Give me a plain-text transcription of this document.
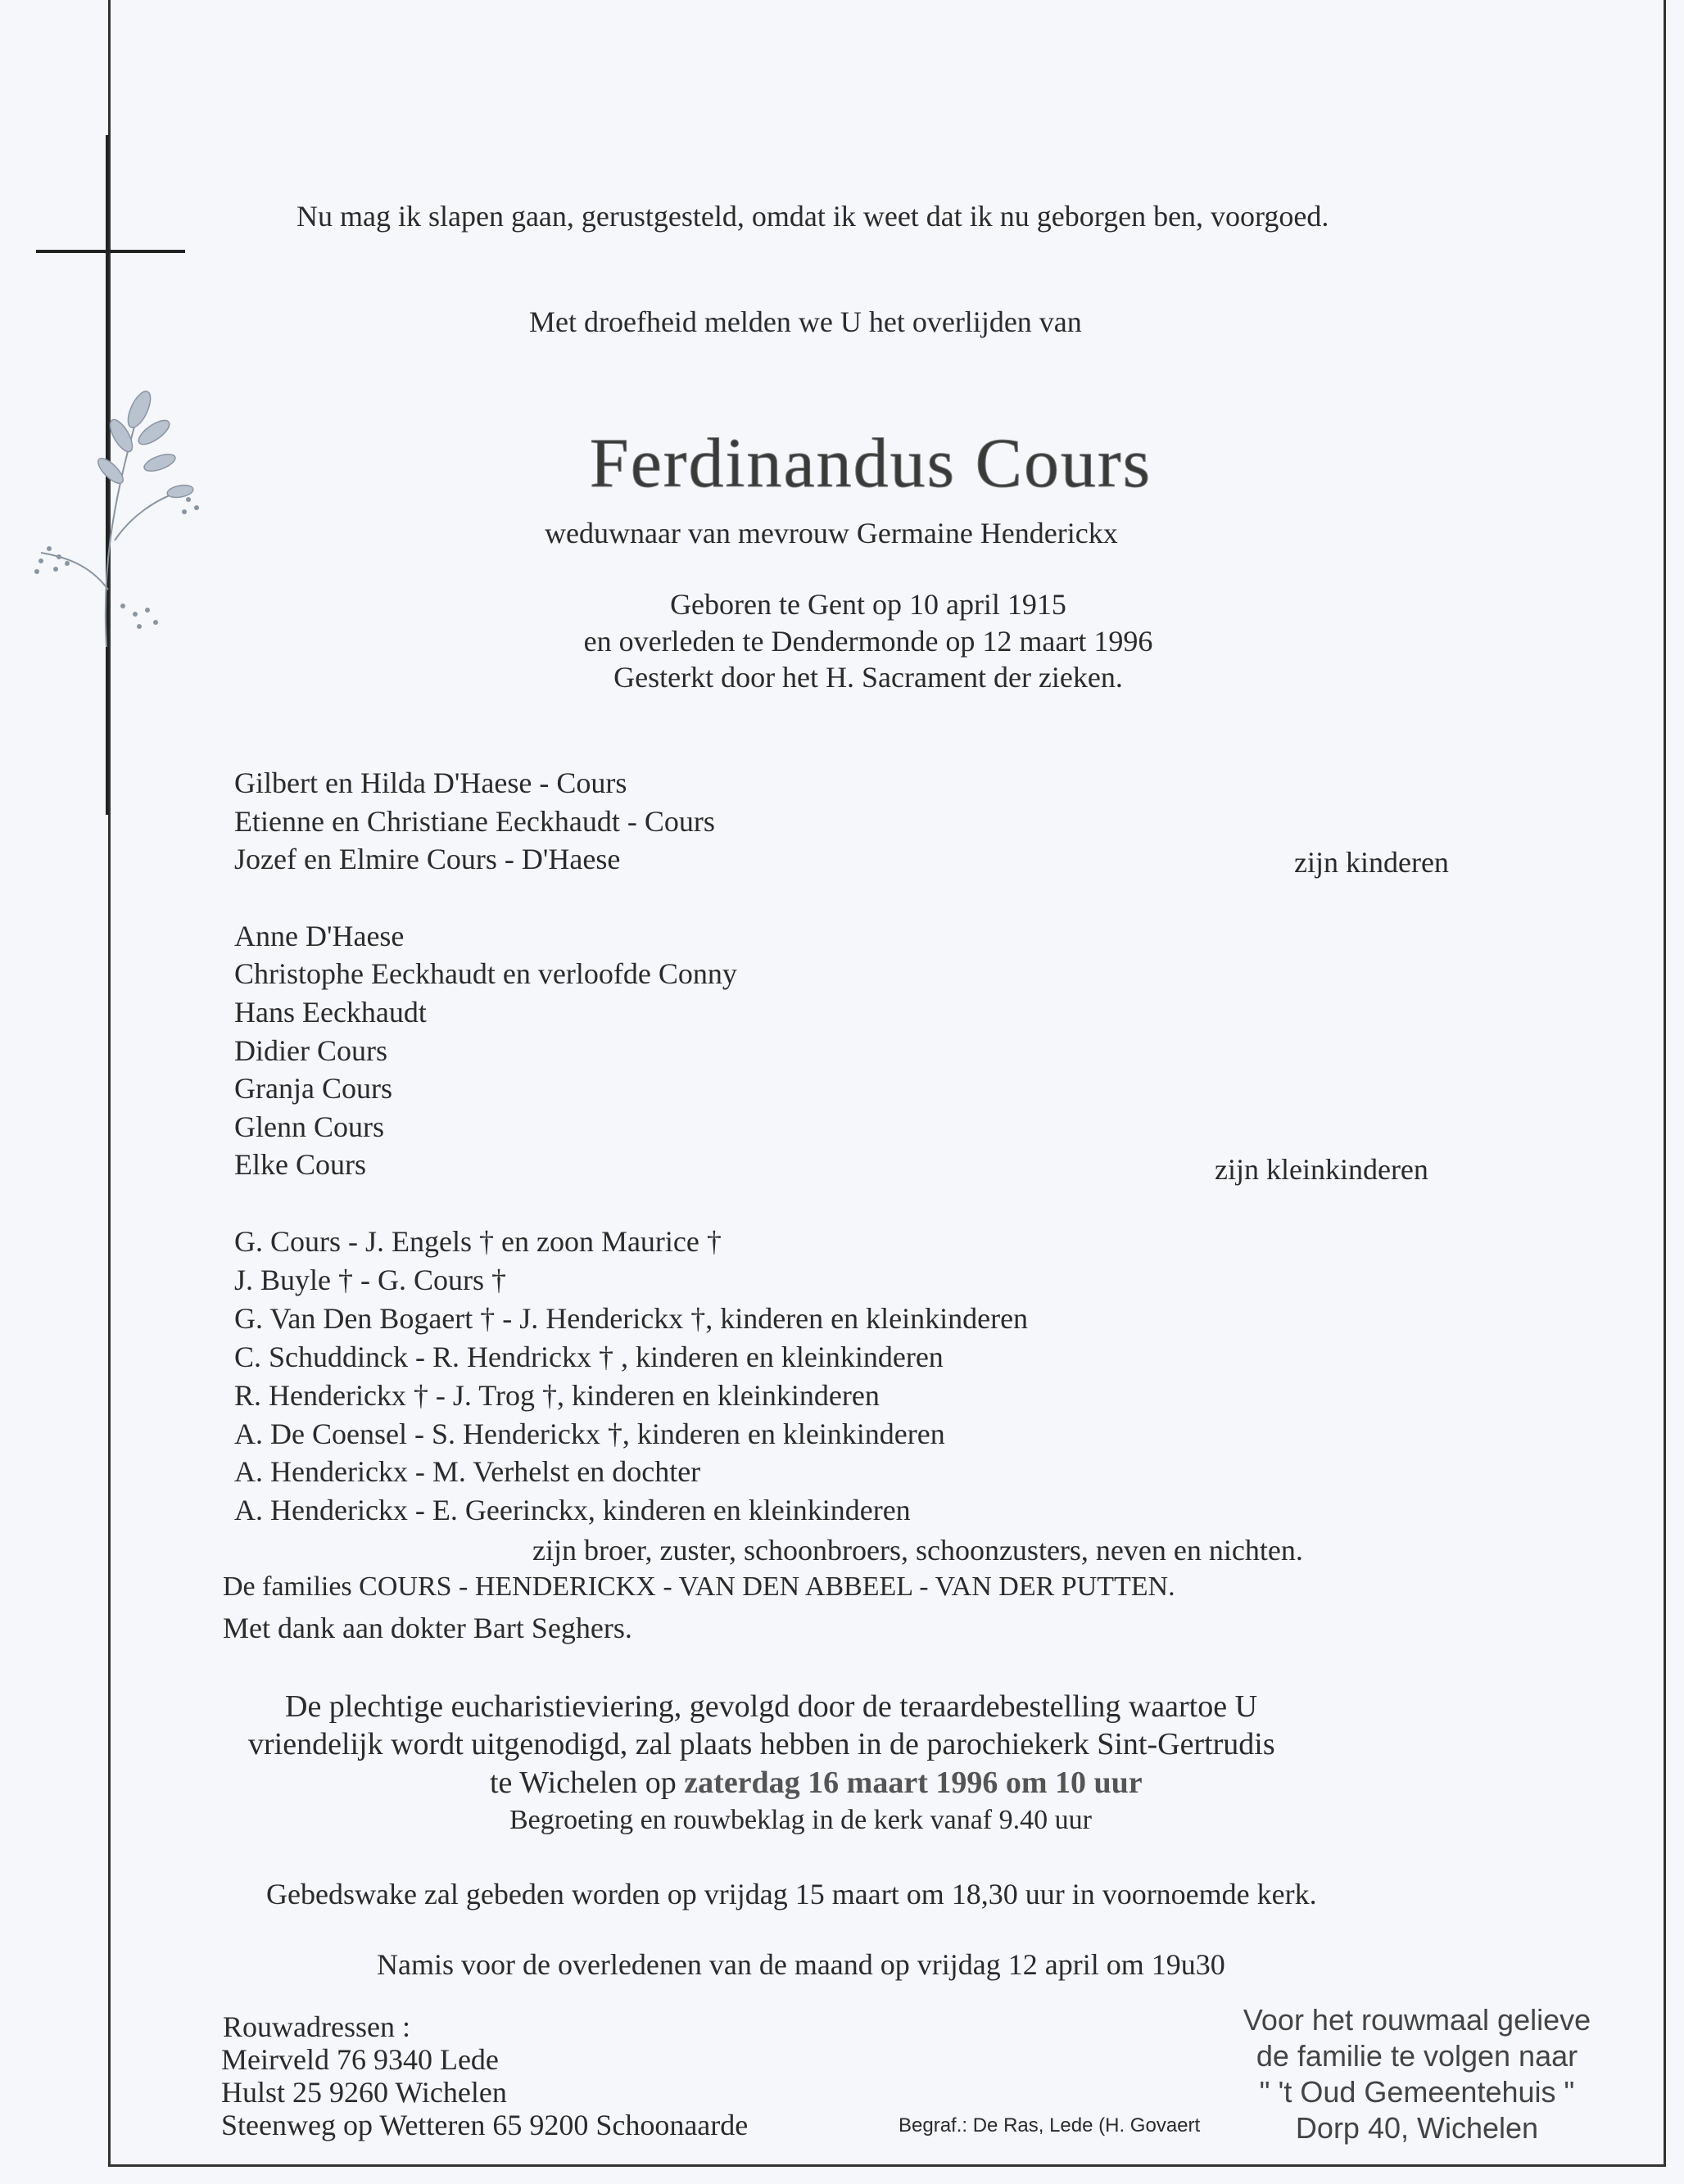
Nu mag ik slapen gaan, gerustgesteld, omdat ik weet dat ik nu geborgen ben, voorgoed.
Met droefheid melden we U het overlijden van
Ferdinandus Cours
weduwnaar van mevrouw Germaine Henderickx
Geboren te Gent op 10 april 1915
en overleden te Dendermonde op 12 maart 1996
Gesterkt door het H. Sacrament der zieken.
Gilbert en Hilda D'Haese - Cours
Etienne en Christiane Eeckhaudt - Cours
Jozef en Elmire Cours - D'Haese	zijn kinderen
Anne D'Haese
Christophe Eeckhaudt en verloofde Conny
Hans Eeckhaudt
Didier Cours
Granja Cours
Glenn Cours
Elke Cours	zijn kleinkinderen
G. Cours - J. Engels † en zoon Maurice †
J. Buyle † - G. Cours †
G. Van Den Bogaert † - J. Henderickx †, kinderen en kleinkinderen
C. Schuddinck - R. Hendrickx † , kinderen en kleinkinderen
R. Henderickx † - J. Trog †, kinderen en kleinkinderen
A. De Coensel - S. Henderickx †, kinderen en kleinkinderen
A. Henderickx - M. Verhelst en dochter
A. Henderickx - E. Geerinckx, kinderen en kleinkinderen
zijn broer, zuster, schoonbroers, schoonzusters, neven en nichten.
De families COURS - HENDERICKX - VAN DEN ABBEEL - VAN DER PUTTEN.
Met dank aan dokter Bart Seghers.
De plechtige eucharistieviering, gevolgd door de teraardebestelling waartoe U
vriendelijk wordt uitgenodigd, zal plaats hebben in de parochiekerk Sint-Gertrudis
te Wichelen op zaterdag 16 maart 1996 om 10 uur
Begroeting en rouwbeklag in de kerk vanaf 9.40 uur
Gebedswake zal gebeden worden op vrijdag 15 maart om 18,30 uur in voornoemde kerk.
Namis voor de overledenen van de maand op vrijdag 12 april om 19u30
Rouwadressen :
Meirveld 76 9340 Lede
Hulst 25 9260 Wichelen
Steenweg op Wetteren 65 9200 Schoonaarde	Begraf.: De Ras, Lede (H. Govaert
Voor het rouwmaal gelieve
de familie te volgen naar
" 't Oud Gemeentehuis "
Dorp 40, Wichelen
